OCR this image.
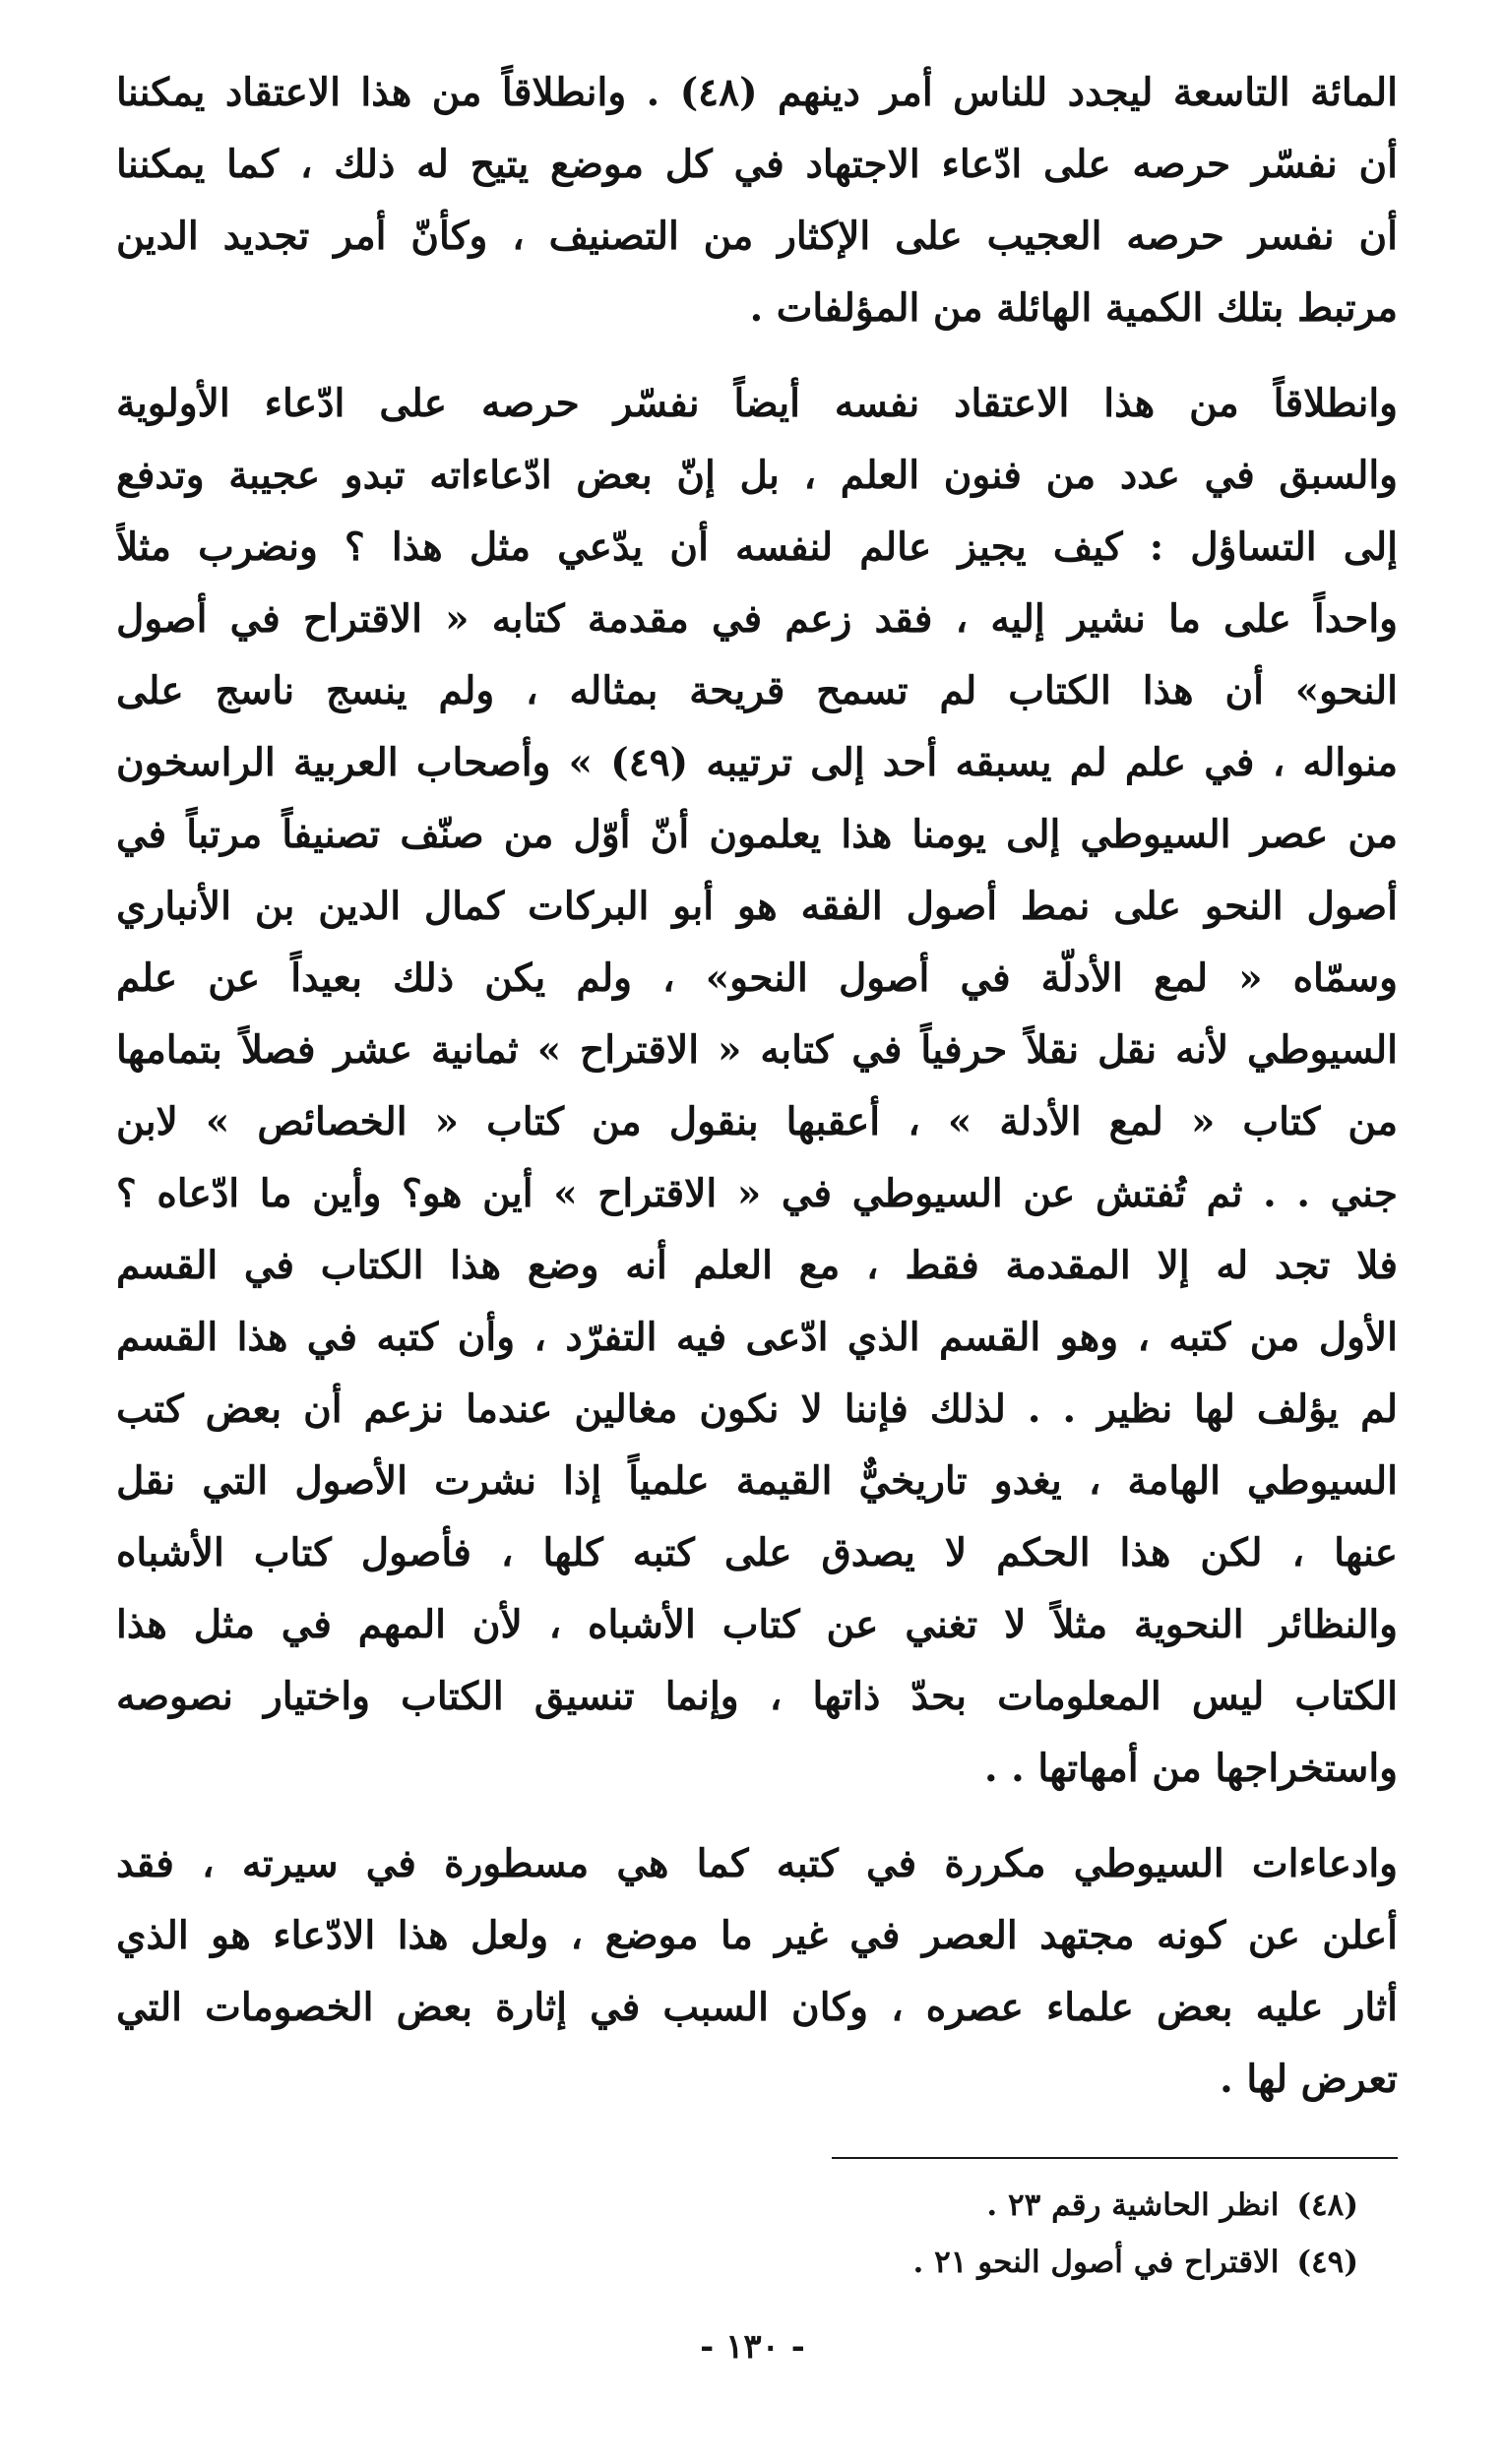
المائة التاسعة ليجدد للناس أمر دينهم (٤٨) . وانطلاقاً من هذا الاعتقاد يمكننا
أن نفسّر حرصه على ادّعاء الاجتهاد في كل موضع يتيح له ذلك ، كما يمكننا
أن نفسر حرصه العجيب على الإكثار من التصنيف ، وكأنّ أمر تجديد الدين
مرتبط بتلك الكمية الهائلة من المؤلفات .
وانطلاقاً من هذا الاعتقاد نفسه أيضاً نفسّر حرصه على ادّعاء الأولوية
والسبق في عدد من فنون العلم ، بل إنّ بعض ادّعاءاته تبدو عجيبة وتدفع
إلى التساؤل : كيف يجيز عالم لنفسه أن يدّعي مثل هذا ؟ ونضرب مثلاً
واحداً على ما نشير إليه ، فقد زعم في مقدمة كتابه « الاقتراح في أصول
النحو» أن هذا الكتاب لم تسمح قريحة بمثاله ، ولم ينسج ناسج على
منواله ، في علم لم يسبقه أحد إلى ترتيبه (٤٩) » وأصحاب العربية الراسخون
من عصر السيوطي إلى يومنا هذا يعلمون أنّ أوّل من صنّف تصنيفاً مرتباً في
أصول النحو على نمط أصول الفقه هو أبو البركات كمال الدين بن الأنباري
وسمّاه « لمع الأدلّة في أصول النحو» ، ولم يكن ذلك بعيداً عن علم
السيوطي لأنه نقل نقلاً حرفياً في كتابه « الاقتراح » ثمانية عشر فصلاً بتمامها
من كتاب « لمع الأدلة » ، أعقبها بنقول من كتاب « الخصائص » لابن
جني . . ثم تُفتش عن السيوطي في « الاقتراح » أين هو؟ وأين ما ادّعاه ؟
فلا تجد له إلا المقدمة فقط ، مع العلم أنه وضع هذا الكتاب في القسم
الأول من كتبه ، وهو القسم الذي ادّعى فيه التفرّد ، وأن كتبه في هذا القسم
لم يؤلف لها نظير . . لذلك فإننا لا نكون مغالين عندما نزعم أن بعض كتب
السيوطي الهامة ، يغدو تاريخيٌّ القيمة علمياً إذا نشرت الأصول التي نقل
عنها ، لكن هذا الحكم لا يصدق على كتبه كلها ، فأصول كتاب الأشباه
والنظائر النحوية مثلاً لا تغني عن كتاب الأشباه ، لأن المهم في مثل هذا
الكتاب ليس المعلومات بحدّ ذاتها ، وإنما تنسيق الكتاب واختيار نصوصه
واستخراجها من أمهاتها . .
وادعاءات السيوطي مكررة في كتبه كما هي مسطورة في سيرته ، فقد
أعلن عن كونه مجتهد العصر في غير ما موضع ، ولعل هذا الادّعاء هو الذي
أثار عليه بعض علماء عصره ، وكان السبب في إثارة بعض الخصومات التي
تعرض لها .
(٤٨)انظر الحاشية رقم ٢٣ .
(٤٩)الاقتراح في أصول النحو ٢١ .
- ١٣٠ -
